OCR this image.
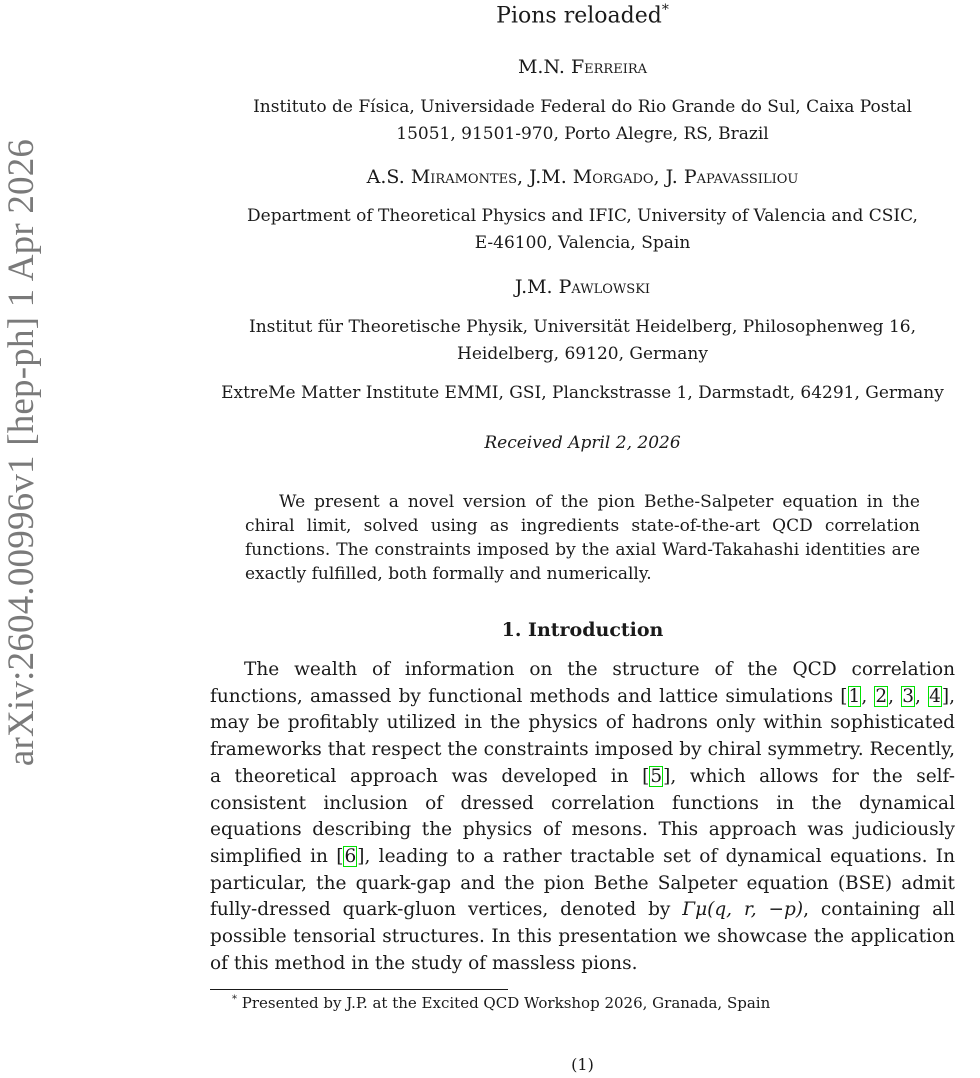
arXiv:2604.00996v1 [hep-ph] 1 Apr 2026
Pions reloaded*
M.N. Ferreira
Instituto de Física, Universidade Federal do Rio Grande do Sul, Caixa Postal
15051, 91501-970, Porto Alegre, RS, Brazil
A.S. Miramontes, J.M. Morgado, J. Papavassiliou
Department of Theoretical Physics and IFIC, University of Valencia and CSIC,
E-46100, Valencia, Spain
J.M. Pawlowski
Institut für Theoretische Physik, Universität Heidelberg, Philosophenweg 16,
Heidelberg, 69120, Germany
ExtreMe Matter Institute EMMI, GSI, Planckstrasse 1, Darmstadt, 64291, Germany
Received April 2, 2026
We present a novel version of the pion Bethe-Salpeter equation in the chiral limit, solved using as ingredients state-of-the-art QCD correlation functions. The constraints imposed by the axial Ward-Takahashi identities are exactly fulfilled, both formally and numerically.
1. Introduction

The wealth of information on the structure of the QCD correlation functions, amassed by functional methods and lattice simulations [1, 2, 3, 4], may be profitably utilized in the physics of hadrons only within sophisticated frameworks that respect the constraints imposed by chiral symmetry. Recently, a theoretical approach was developed in [5], which allows for the self-consistent inclusion of dressed correlation functions in the dynamical equations describing the physics of mesons. This approach was judiciously simplified in [6], leading to a rather tractable set of dynamical equations. In particular, the quark-gap and the pion Bethe Salpeter equation (BSE) admit fully-dressed quark-gluon vertices, denoted by Γμ(q, r, −p), containing all possible tensorial structures. In this presentation we showcase the application of this method in the study of massless pions.

* Presented by J.P. at the Excited QCD Workshop 2026, Granada, Spain
(1)
